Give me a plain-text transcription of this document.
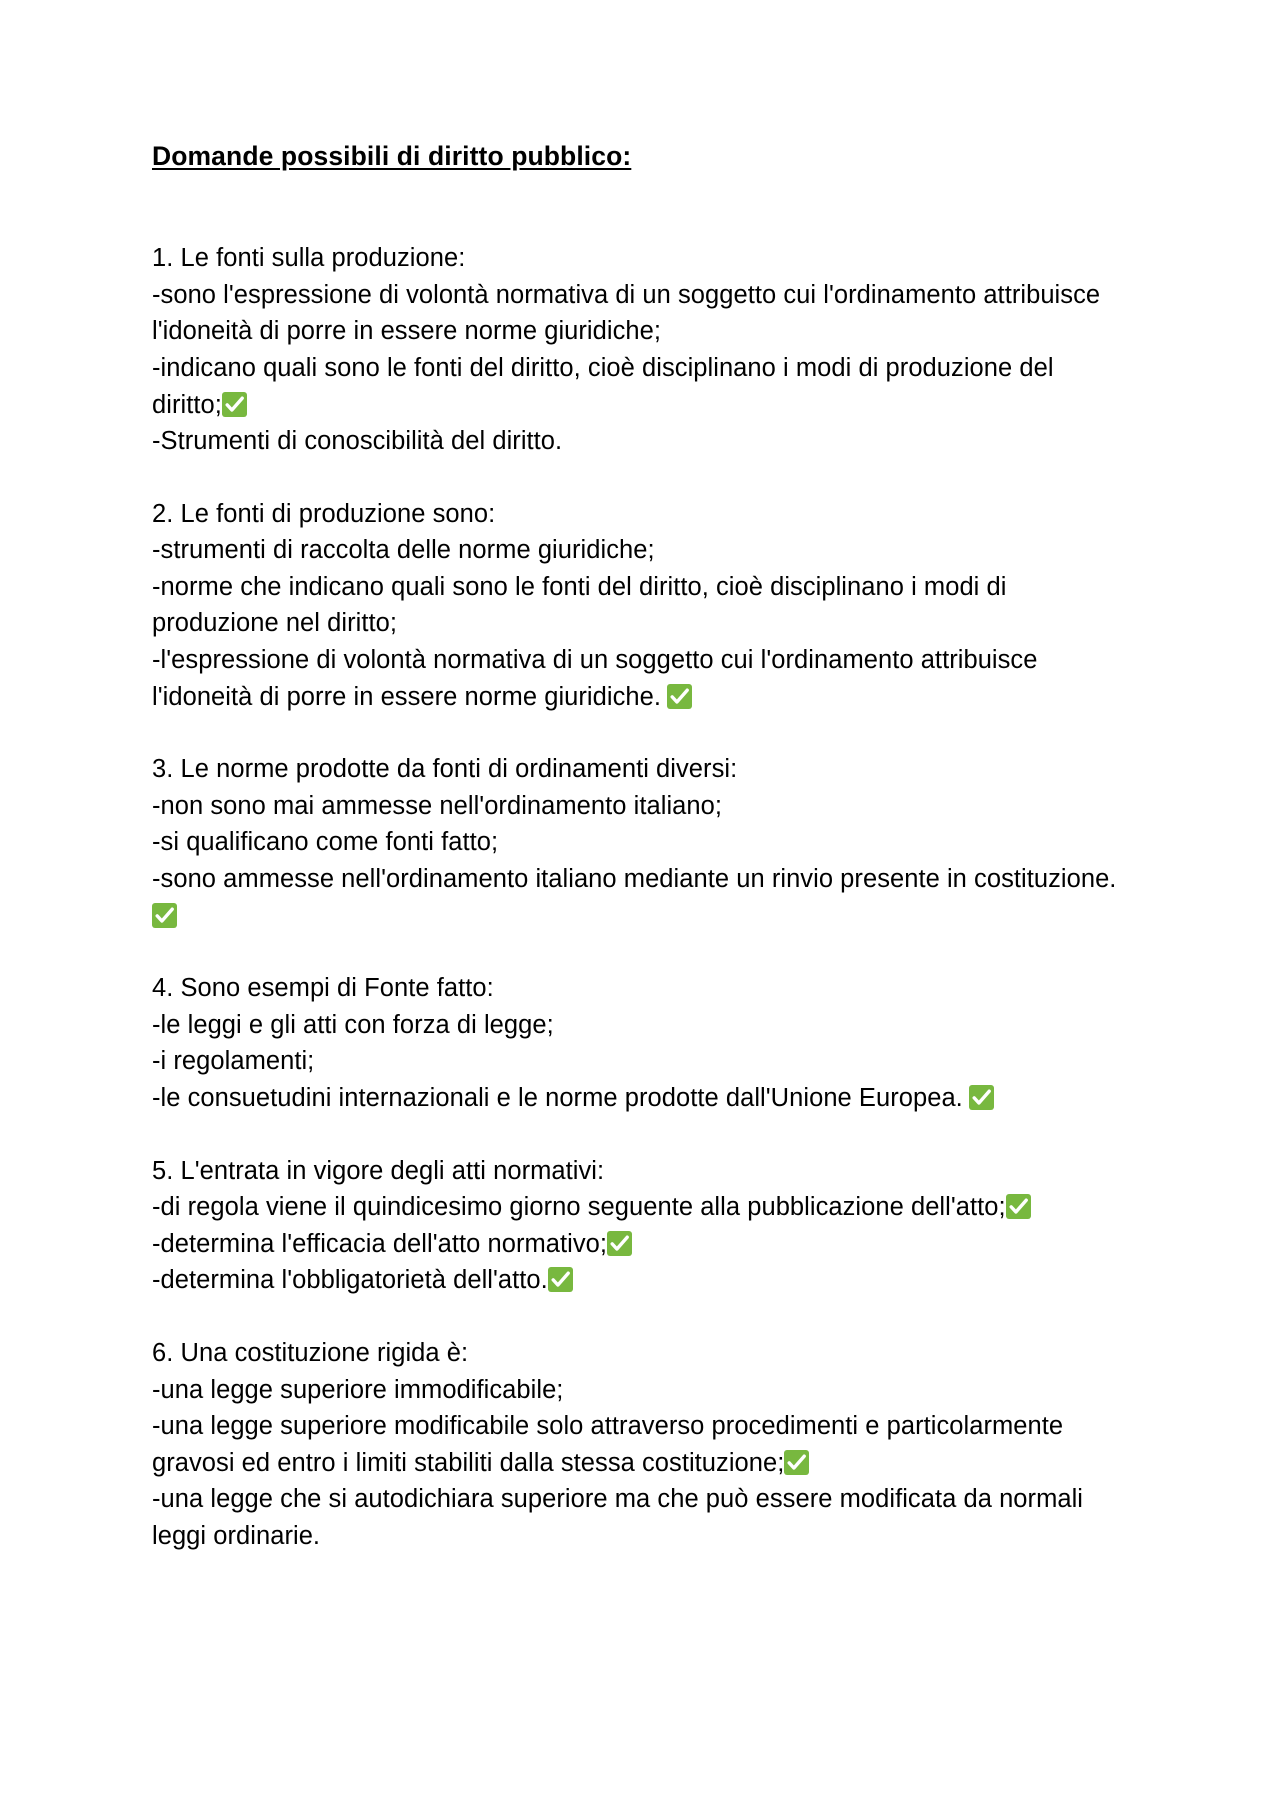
Domande possibili di diritto pubblico:

1. Le fonti sulla produzione:

-sono l'espressione di volontà normativa di un soggetto cui l'ordinamento attribuisce l'idoneità di porre in essere norme giuridiche;

-indicano quali sono le fonti del diritto, cioè disciplinano i modi di produzione del diritto;

-Strumenti di conoscibilità del diritto.

2. Le fonti di produzione sono:

-strumenti di raccolta delle norme giuridiche;

-norme che indicano quali sono le fonti del diritto, cioè disciplinano i modi di produzione nel diritto;

-l'espressione di volontà normativa di un soggetto cui l'ordinamento attribuisce l'idoneità di porre in essere norme giuridiche.

3. Le norme prodotte da fonti di ordinamenti diversi:

-non sono mai ammesse nell'ordinamento italiano;

-si qualificano come fonti fatto;

-sono ammesse nell'ordinamento italiano mediante un rinvio presente in costituzione.

4. Sono esempi di Fonte fatto:

-le leggi e gli atti con forza di legge;

-i regolamenti;

-le consuetudini internazionali e le norme prodotte dall'Unione Europea.

5. L'entrata in vigore degli atti normativi:

-di regola viene il quindicesimo giorno seguente alla pubblicazione dell'atto;

-determina l'efficacia dell'atto normativo;

-determina l'obbligatorietà dell'atto.

6. Una costituzione rigida è:

-una legge superiore immodificabile;

-una legge superiore modificabile solo attraverso procedimenti e particolarmente gravosi ed entro i limiti stabiliti dalla stessa costituzione;

-una legge che si autodichiara superiore ma che può essere modificata da normali leggi ordinarie.
